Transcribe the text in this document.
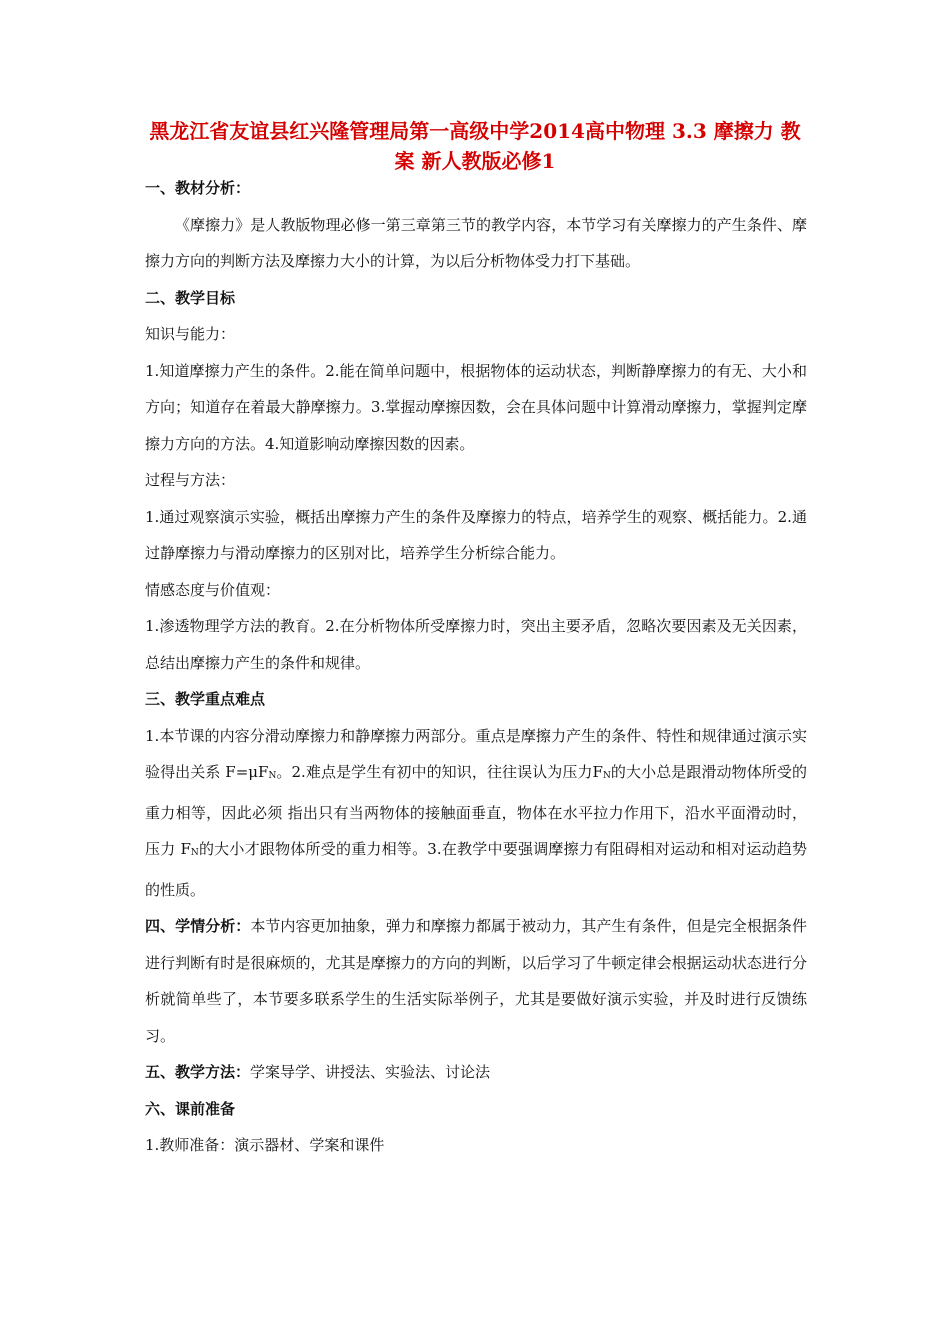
黑龙江省友谊县红兴隆管理局第一高级中学2014高中物理 3.3 摩擦力 教案 新人教版必修1

一、教材分析：

《摩擦力》是人教版物理必修一第三章第三节的教学内容，本节学习有关摩擦力的产生条件、摩擦力方向的判断方法及摩擦力大小的计算，为以后分析物体受力打下基础。

二、教学目标

知识与能力：

1.知道摩擦力产生的条件。2.能在简单问题中，根据物体的运动状态，判断静摩擦力的有无、大小和方向；知道存在着最大静摩擦力。3.掌握动摩擦因数，会在具体问题中计算滑动摩擦力，掌握判定摩擦力方向的方法。4.知道影响动摩擦因数的因素。

过程与方法：

1.通过观察演示实验，概括出摩擦力产生的条件及摩擦力的特点，培养学生的观察、概括能力。2.通过静摩擦力与滑动摩擦力的区别对比，培养学生分析综合能力。

情感态度与价值观：

1.渗透物理学方法的教育。2.在分析物体所受摩擦力时，突出主要矛盾，忽略次要因素及无关因素，总结出摩擦力产生的条件和规律。

三、教学重点难点

1.本节课的内容分滑动摩擦力和静摩擦力两部分。重点是摩擦力产生的条件、特性和规律通过演示实验得出关系 F=μFN。2.难点是学生有初中的知识，往往误认为压力FN的大小总是跟滑动物体所受的重力相等，因此必须 指出只有当两物体的接触面垂直，物体在水平拉力作用下，沿水平面滑动时，压力 FN的大小才跟物体所受的重力相等。3.在教学中要强调摩擦力有阻碍相对运动和相对运动趋势的性质。

四、学情分析：本节内容更加抽象，弹力和摩擦力都属于被动力，其产生有条件，但是完全根据条件进行判断有时是很麻烦的，尤其是摩擦力的方向的判断，以后学习了牛顿定律会根据运动状态进行分析就简单些了，本节要多联系学生的生活实际举例子，尤其是要做好演示实验，并及时进行反馈练习。

五、教学方法：学案导学、讲授法、实验法、讨论法

六、课前准备

1.教师准备：演示器材、学案和课件
